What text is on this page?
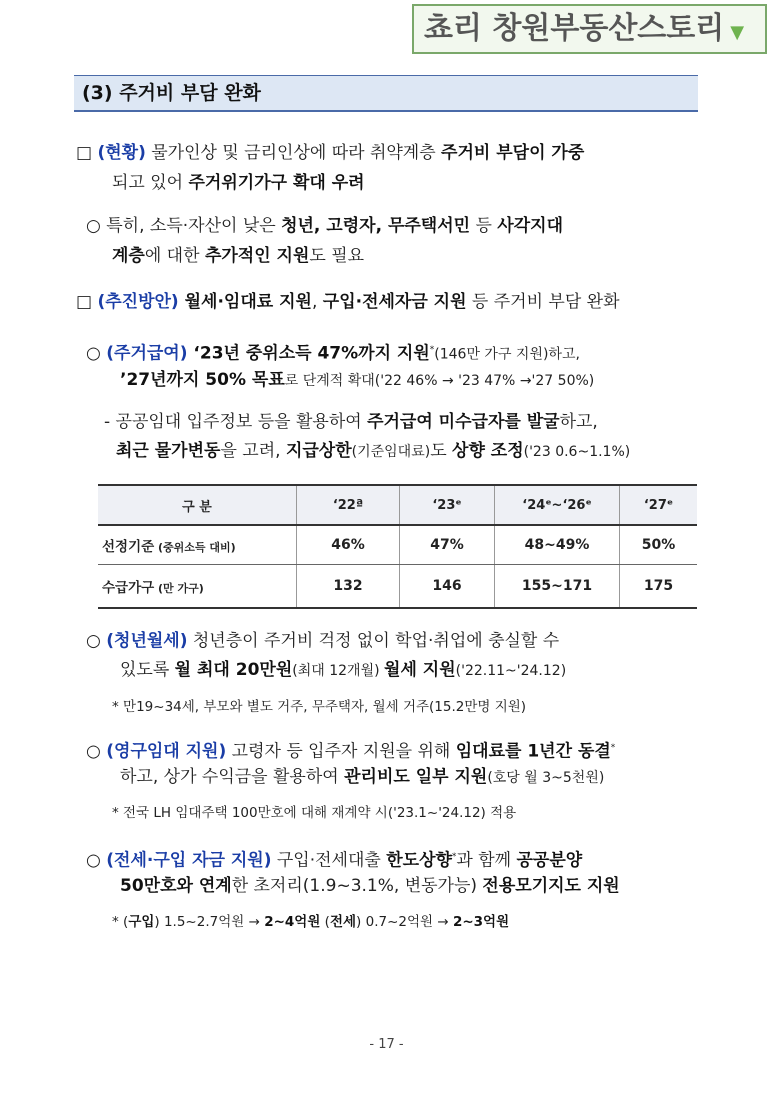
쵸리 창원부동산스토리 ▼
(3) 주거비 부담 완화
□ (현황) 물가인상 및 금리인상에 따라 취약계층 주거비 부담이 가중
되고 있어 주거위기가구 확대 우려
○ 특히, 소득·자산이 낮은 청년, 고령자, 무주택서민 등 사각지대
계층에 대한 추가적인 지원도 필요
□ (추진방안) 월세·임대료 지원, 구입·전세자금 지원 등 주거비 부담 완화
○ (주거급여) ‘23년 중위소득 47%까지 지원*(146만 가구 지원)하고,
’27년까지 50% 목표로 단계적 확대('22 46% → '23 47% →'27 50%)
- 공공임대 입주정보 등을 활용하여 주거급여 미수급자를 발굴하고,
최근 물가변동을 고려, 지급상한(기준임대료)도 상향 조정('23 0.6~1.1%)
구 분	‘22ª	‘23ᵉ	‘24ᵉ~‘26ᵉ	‘27ᵉ
선정기준 (중위소득 대비)	46%	47%	48~49%	50%
수급가구 (만 가구)	132	146	155~171	175
○ (청년월세) 청년층이 주거비 걱정 없이 학업·취업에 충실할 수
있도록 월 최대 20만원(최대 12개월) 월세 지원('22.11~'24.12)
* 만19~34세, 부모와 별도 거주, 무주택자, 월세 거주(15.2만명 지원)
○ (영구임대 지원) 고령자 등 입주자 지원을 위해 임대료를 1년간 동결*
하고, 상가 수익금을 활용하여 관리비도 일부 지원(호당 월 3~5천원)
* 전국 LH 임대주택 100만호에 대해 재계약 시('23.1~'24.12) 적용
○ (전세·구입 자금 지원) 구입·전세대출 한도상향*과 함께 공공분양
50만호와 연계한 초저리(1.9~3.1%, 변동가능) 전용모기지도 지원
* (구입) 1.5~2.7억원 → 2~4억원 (전세) 0.7~2억원 → 2~3억원
- 17 -
